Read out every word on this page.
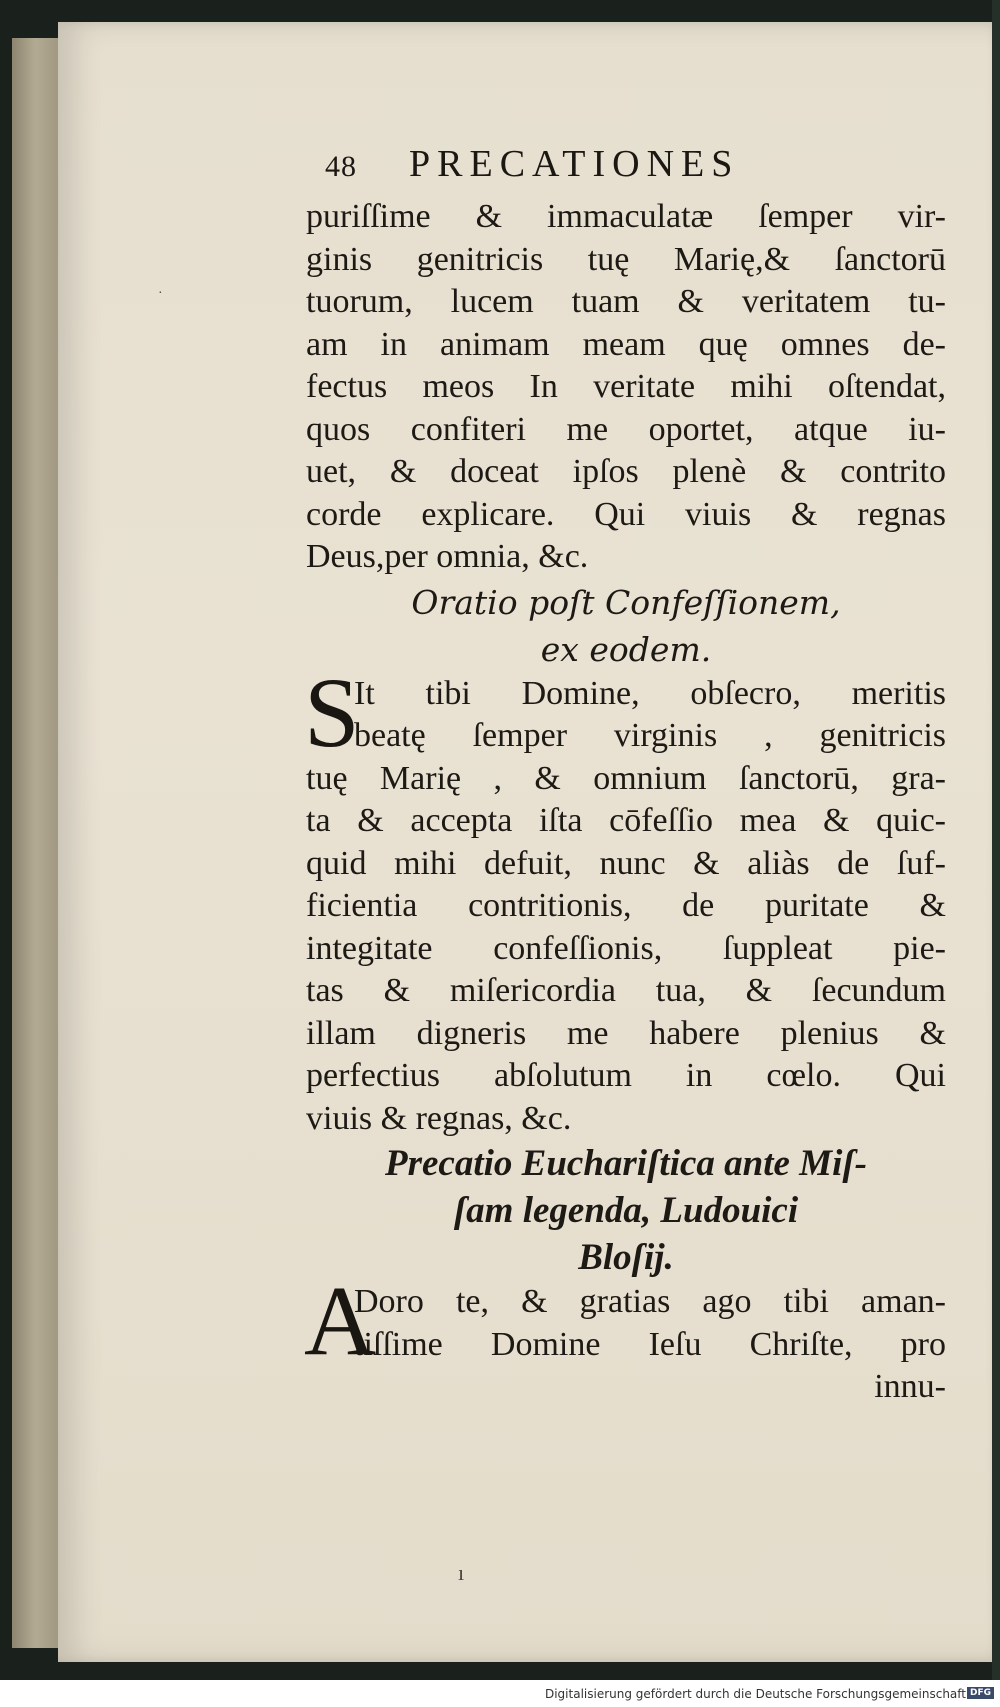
48 PRECATIONES
puriſſime & immaculatæ ſemper vir-
ginis genitricis tuę Marię,& ſanctorū
tuorum, lucem tuam & veritatem tu-
am in animam meam quę omnes de-
fectus meos In veritate mihi oſtendat,
quos confiteri me oportet, atque iu-
uet, & doceat ipſos plenè & contrito
corde explicare. Qui viuis & regnas
Deus,per omnia, &c.
Oratio poſt Confeſſionem,
ex eodem.
S
It tibi Domine, obſecro, meritis
beatę ſemper virginis , genitricis
tuę Marię , & omnium ſanctorū, gra-
ta & accepta iſta cōfeſſio mea & quic-
quid mihi defuit, nunc & aliàs de ſuf-
ficientia contritionis, de puritate &
integitate confeſſionis, ſuppleat pie-
tas & miſericordia tua, & ſecundum
illam digneris me habere plenius &
perfectius abſolutum in cœlo. Qui
viuis & regnas, &c.
Precatio Euchariſtica ante Miſ-
ſam legenda, Ludouici
Bloſij.
A
Doro te, & gratias ago tibi aman-
tiſſime Domine Ieſu Chriſte, pro
innu-
·
ı
Digitalisierung gefördert durch die Deutsche Forschungsgemeinschaft DFG
